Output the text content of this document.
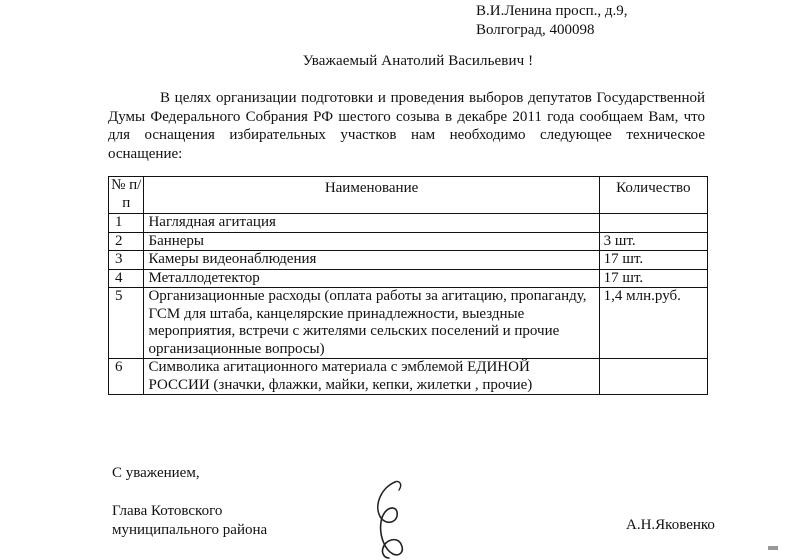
В.И.Ленина просп., д.9,
Волгоград, 400098
Уважаемый Анатолий Васильевич !

В целях организации подготовки и проведения выборов депутатов Государственной Думы Федерального Собрания РФ шестого созыва в декабре 2011 года сообщаем Вам, что для оснащения избирательных участков нам необходимо следующее техническое оснащение:

№ п/п	Наименование	Количество
1	Наглядная агитация	
2	Баннеры	3 шт.
3	Камеры видеонаблюдения	17 шт.
4	Металлодетектор	17 шт.
5	Организационные расходы (оплата работы за агитацию, пропаганду, ГСМ для штаба, канцелярские принадлежности, выездные мероприятия, встречи с жителями сельских поселений и прочие организационные вопросы)	1,4 млн.руб.
6	Символика агитационного материала с эмблемой ЕДИНОЙ РОССИИ (значки, флажки, майки, кепки, жилетки , прочие)	
С уважением,
Глава Котовского
муниципального района	А.Н.Яковенко
